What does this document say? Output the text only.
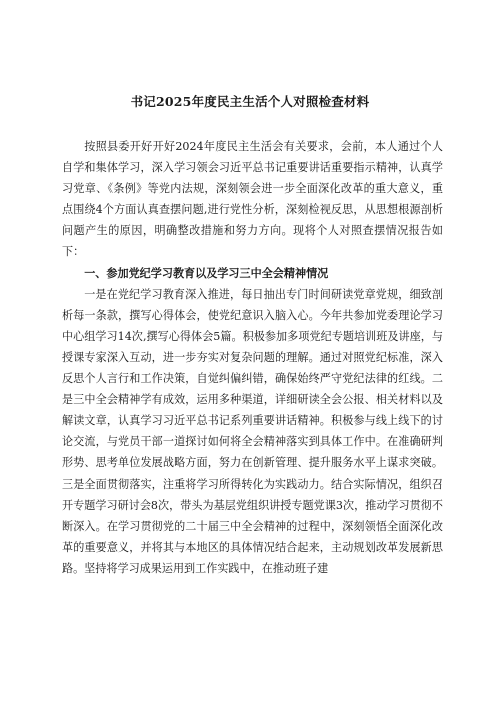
书记2025年度民主生活个人对照检查材料

按照县委开好开好2024年度民主生活会有关要求，会前，本人通过个人自学和集体学习，深入学习领会习近平总书记重要讲话重要指示精神，认真学习党章、《条例》等党内法规，深刻领会进一步全面深化改革的重大意义，重点围绕4个方面认真查摆问题,进行党性分析，深刻检视反思，从思想根源剖析问题产生的原因，明确整改措施和努力方向。现将个人对照查摆情况报告如下：

一、参加党纪学习教育以及学习三中全会精神情况

一是在党纪学习教育深入推进，每日抽出专门时间研读党章党规，细致剖析每一条款，撰写心得体会，使党纪意识入脑入心。今年共参加党委理论学习中心组学习14次,撰写心得体会5篇。积极参加多项党纪专题培训班及讲座，与授课专家深入互动，进一步夯实对复杂问题的理解。通过对照党纪标准，深入反思个人言行和工作决策，自觉纠偏纠错，确保始终严守党纪法律的红线。二是三中全会精神学有成效，运用多种渠道，详细研读全会公报、相关材料以及解读文章，认真学习习近平总书记系列重要讲话精神。积极参与线上线下的讨论交流，与党员干部一道探讨如何将全会精神落实到具体工作中。在准确研判形势、思考单位发展战略方面，努力在创新管理、提升服务水平上谋求突破。三是全面贯彻落实，注重将学习所得转化为实践动力。结合实际情况，组织召开专题学习研讨会8次，带头为基层党组织讲授专题党课3次，推动学习贯彻不断深入。在学习贯彻党的二十届三中全会精神的过程中，深刻领悟全面深化改革的重要意义，并将其与本地区的具体情况结合起来，主动规划改革发展新思路。坚持将学习成果运用到工作实践中，在推动班子建
